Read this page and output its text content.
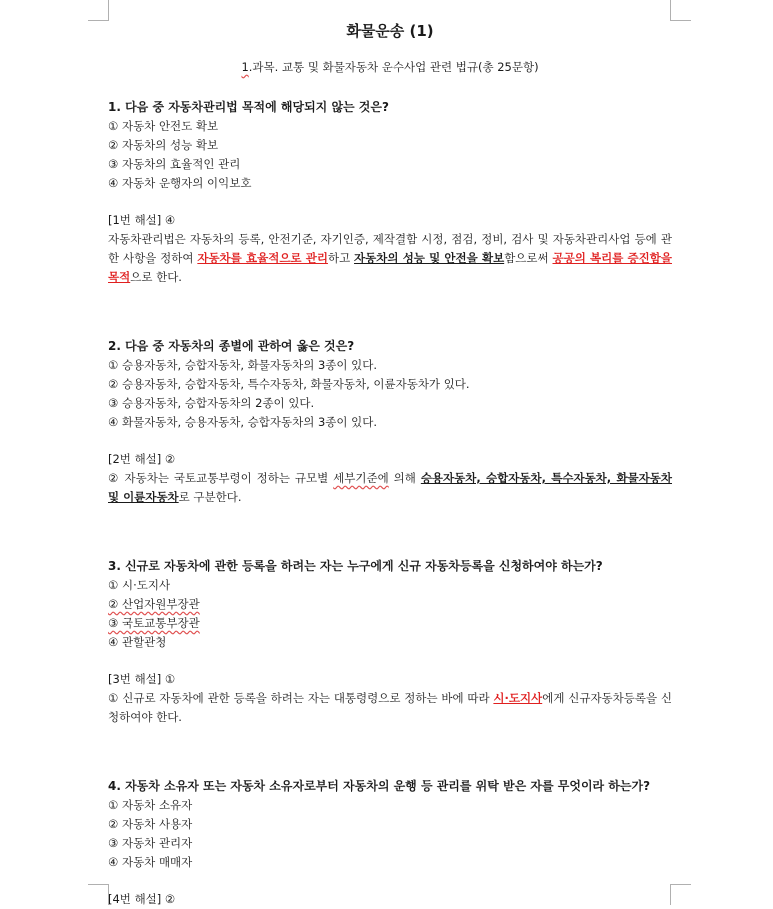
화물운송 (1)
1.과목. 교통 및 화물자동차 운수사업 관련 법규(총 25문항)
1. 다음 중 자동차관리법 목적에 해당되지 않는 것은?
① 자동차 안전도 확보
② 자동차의 성능 확보
③ 자동차의 효율적인 관리
④ 자동차 운행자의 이익보호
[1번 해설] ④
자동차관리법은 자동차의 등록, 안전기준, 자기인증, 제작결함 시정, 점검, 정비, 검사 및 자동차관리사업 등에 관한 사항을 정하여 자동차를 효율적으로 관리하고 자동차의 성능 및 안전을 확보함으로써 공공의 복리를 증진함을 목적으로 한다.
2. 다음 중 자동차의 종별에 관하여 옳은 것은?
① 승용자동차, 승합자동차, 화물자동차의 3종이 있다.
② 승용자동차, 승합자동차, 특수자동차, 화물자동차, 이륜자동차가 있다.
③ 승용자동차, 승합자동차의 2종이 있다.
④ 화물자동차, 승용자동차, 승합자동차의 3종이 있다.
[2번 해설] ②
② 자동차는 국토교통부령이 정하는 규모별 세부기준에 의해 승용자동차, 승합자동차, 특수자동차, 화물자동차 및 이륜자동차로 구분한다.
3. 신규로 자동차에 관한 등록을 하려는 자는 누구에게 신규 자동차등록을 신청하여야 하는가?
① 시·도지사
② 산업자원부장관
③ 국토교통부장관
④ 관할관청
[3번 해설] ①
① 신규로 자동차에 관한 등록을 하려는 자는 대통령령으로 정하는 바에 따라 시·도지사에게 신규자동차등록을 신청하여야 한다.
4. 자동차 소유자 또는 자동차 소유자로부터 자동차의 운행 등 관리를 위탁 받은 자를 무엇이라 하는가?
① 자동차 소유자
② 자동차 사용자
③ 자동차 관리자
④ 자동차 매매자
[4번 해설] ②
